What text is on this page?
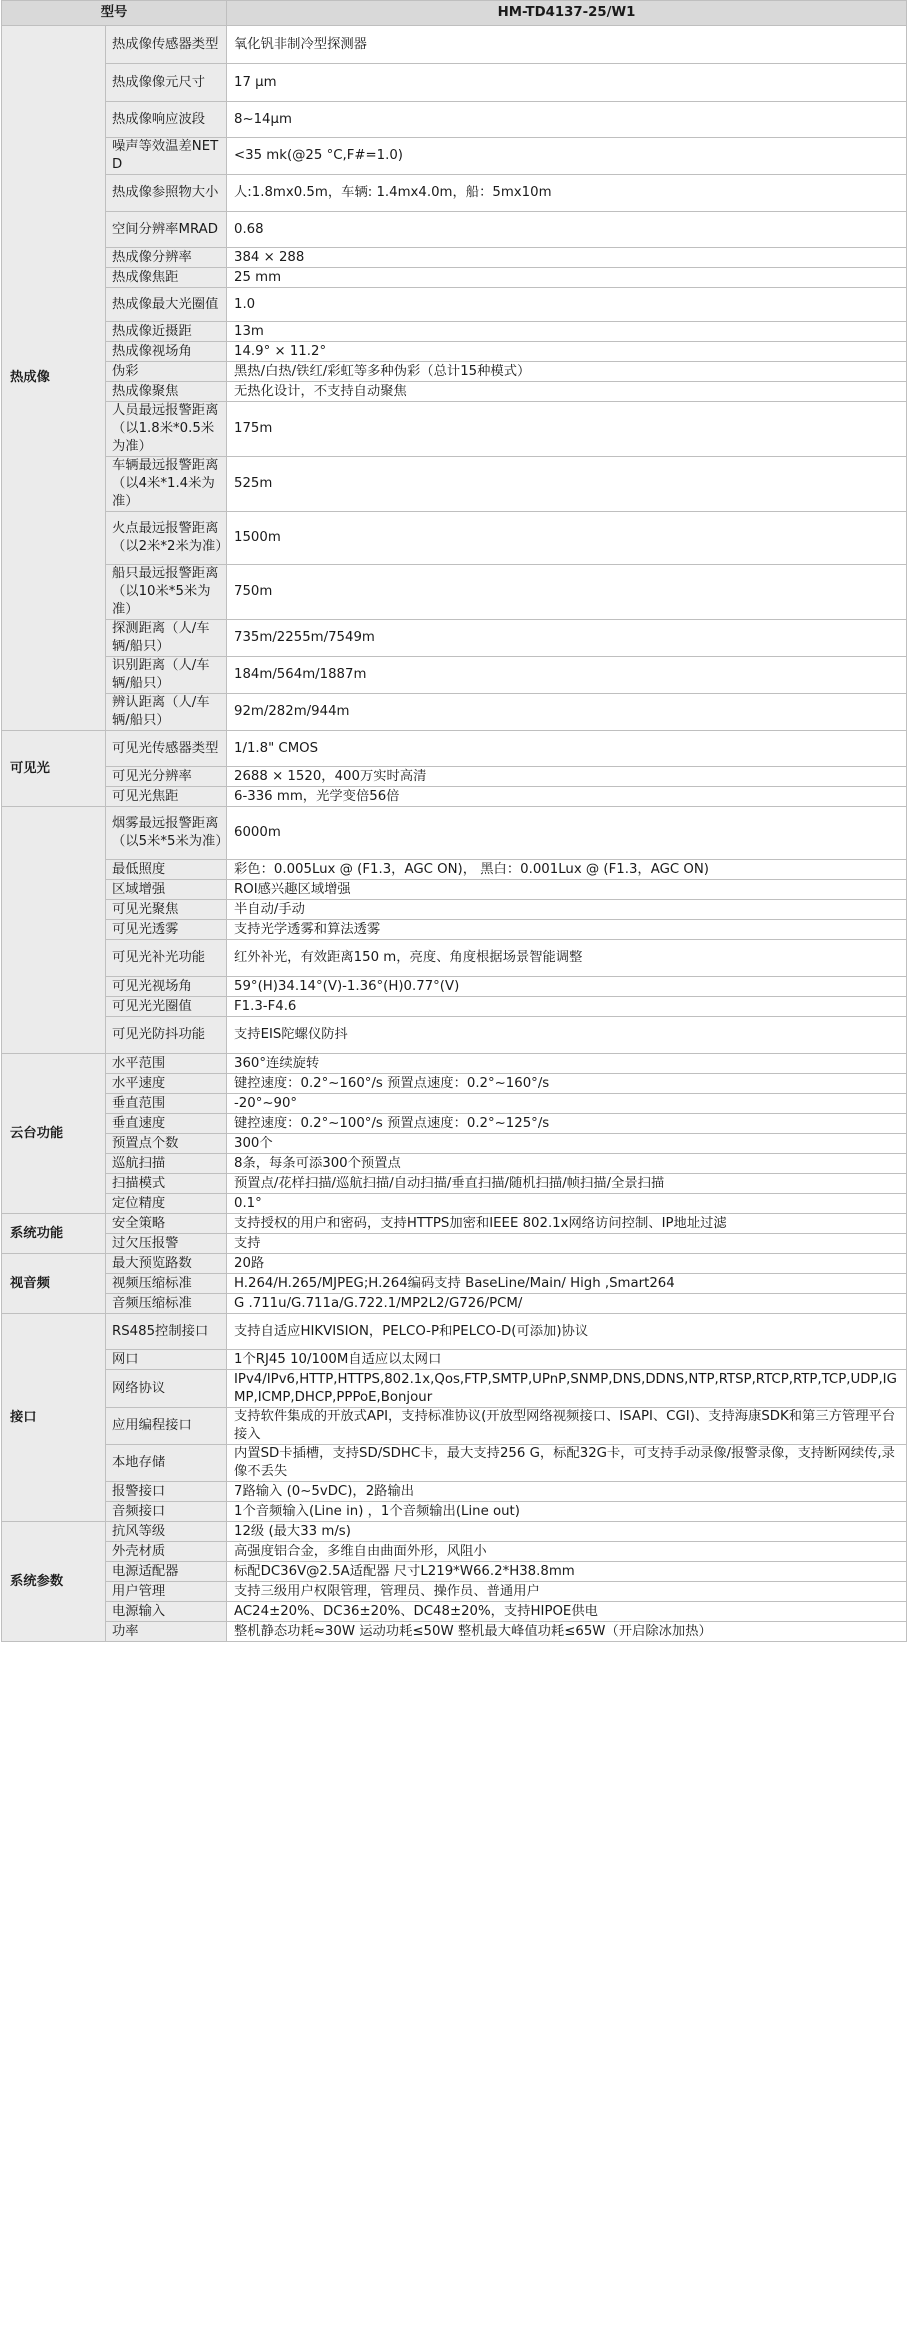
型号		HM-TD4137-25/W1
热成像	热成像传感器类型	氧化钒非制冷型探测器
	热成像像元尺寸	17 μm
	热成像响应波段	8~14μm
	噪声等效温差NETD	<35 mk(@25 °C,F#=1.0)
	热成像参照物大小	人:1.8mx0.5m，车辆: 1.4mx4.0m，船：5mx10m
	空间分辨率MRAD	0.68
	热成像分辨率	384 × 288
	热成像焦距	25 mm
	热成像最大光圈值	1.0
	热成像近摄距	13m
	热成像视场角	14.9° × 11.2°
	伪彩	黑热/白热/铁红/彩虹等多种伪彩（总计15种模式）
	热成像聚焦	无热化设计，不支持自动聚焦
	人员最远报警距离（以1.8米*0.5米为准）	175m
	车辆最远报警距离（以4米*1.4米为准）	525m
	火点最远报警距离（以2米*2米为准）	1500m
	船只最远报警距离（以10米*5米为准）	750m
	探测距离（人/车辆/船只）	735m/2255m/7549m
	识别距离（人/车辆/船只）	184m/564m/1887m
	辨认距离（人/车辆/船只）	92m/282m/944m
可见光	可见光传感器类型	1/1.8" CMOS
	可见光分辨率	2688 × 1520，400万实时高清
	可见光焦距	6-336 mm，光学变倍56倍
	烟雾最远报警距离（以5米*5米为准）	6000m
	最低照度	彩色：0.005Lux @ (F1.3，AGC ON)， 黑白：0.001Lux @ (F1.3，AGC ON)
	区域增强	ROI感兴趣区域增强
	可见光聚焦	半自动/手动
	可见光透雾	支持光学透雾和算法透雾
	可见光补光功能	红外补光，有效距离150 m，亮度、角度根据场景智能调整
	可见光视场角	59°(H)34.14°(V)-1.36°(H)0.77°(V)
	可见光光圈值	F1.3-F4.6
	可见光防抖功能	支持EIS陀螺仪防抖
云台功能	水平范围	360°连续旋转
	水平速度	键控速度：0.2°~160°/s 预置点速度：0.2°~160°/s
	垂直范围	-20°~90°
	垂直速度	键控速度：0.2°~100°/s 预置点速度：0.2°~125°/s
	预置点个数	300个
	巡航扫描	8条，每条可添300个预置点
	扫描模式	预置点/花样扫描/巡航扫描/自动扫描/垂直扫描/随机扫描/帧扫描/全景扫描
	定位精度	0.1°
系统功能	安全策略	支持授权的用户和密码，支持HTTPS加密和IEEE 802.1x网络访问控制、IP地址过滤
	过欠压报警	支持
视音频	最大预览路数	20路
	视频压缩标准	H.264/H.265/MJPEG;H.264编码支持 BaseLine/Main/ High ,Smart264
	音频压缩标准	G .711u/G.711a/G.722.1/MP2L2/G726/PCM/
接口	RS485控制接口	支持自适应HIKVISION，PELCO-P和PELCO-D(可添加)协议
	网口	1个RJ45 10/100M自适应以太网口
	网络协议	IPv4/IPv6,HTTP,HTTPS,802.1x,Qos,FTP,SMTP,UPnP,SNMP,DNS,DDNS,NTP,RTSP,RTCP,RTP,TCP,UDP,IGMP,ICMP,DHCP,PPPoE,Bonjour
	应用编程接口	支持软件集成的开放式API，支持标准协议(开放型网络视频接口、ISAPI、CGI)、支持海康SDK和第三方管理平台接入
	本地存储	内置SD卡插槽，支持SD/SDHC卡，最大支持256 G，标配32G卡，可支持手动录像/报警录像，支持断网续传,录像不丢失
	报警接口	7路输入 (0~5vDC)，2路输出
	音频接口	1个音频输入(Line in) ，1个音频输出(Line out)
系统参数	抗风等级	12级 (最大33 m/s)
	外壳材质	高强度铝合金，多维自由曲面外形，风阻小
	电源适配器	标配DC36V@2.5A适配器 尺寸L219*W66.2*H38.8mm
	用户管理	支持三级用户权限管理，管理员、操作员、普通用户
	电源输入	AC24±20%、DC36±20%、DC48±20%，支持HIPOE供电
	功率	整机静态功耗≈30W 运动功耗≤50W 整机最大峰值功耗≤65W（开启除冰加热）
